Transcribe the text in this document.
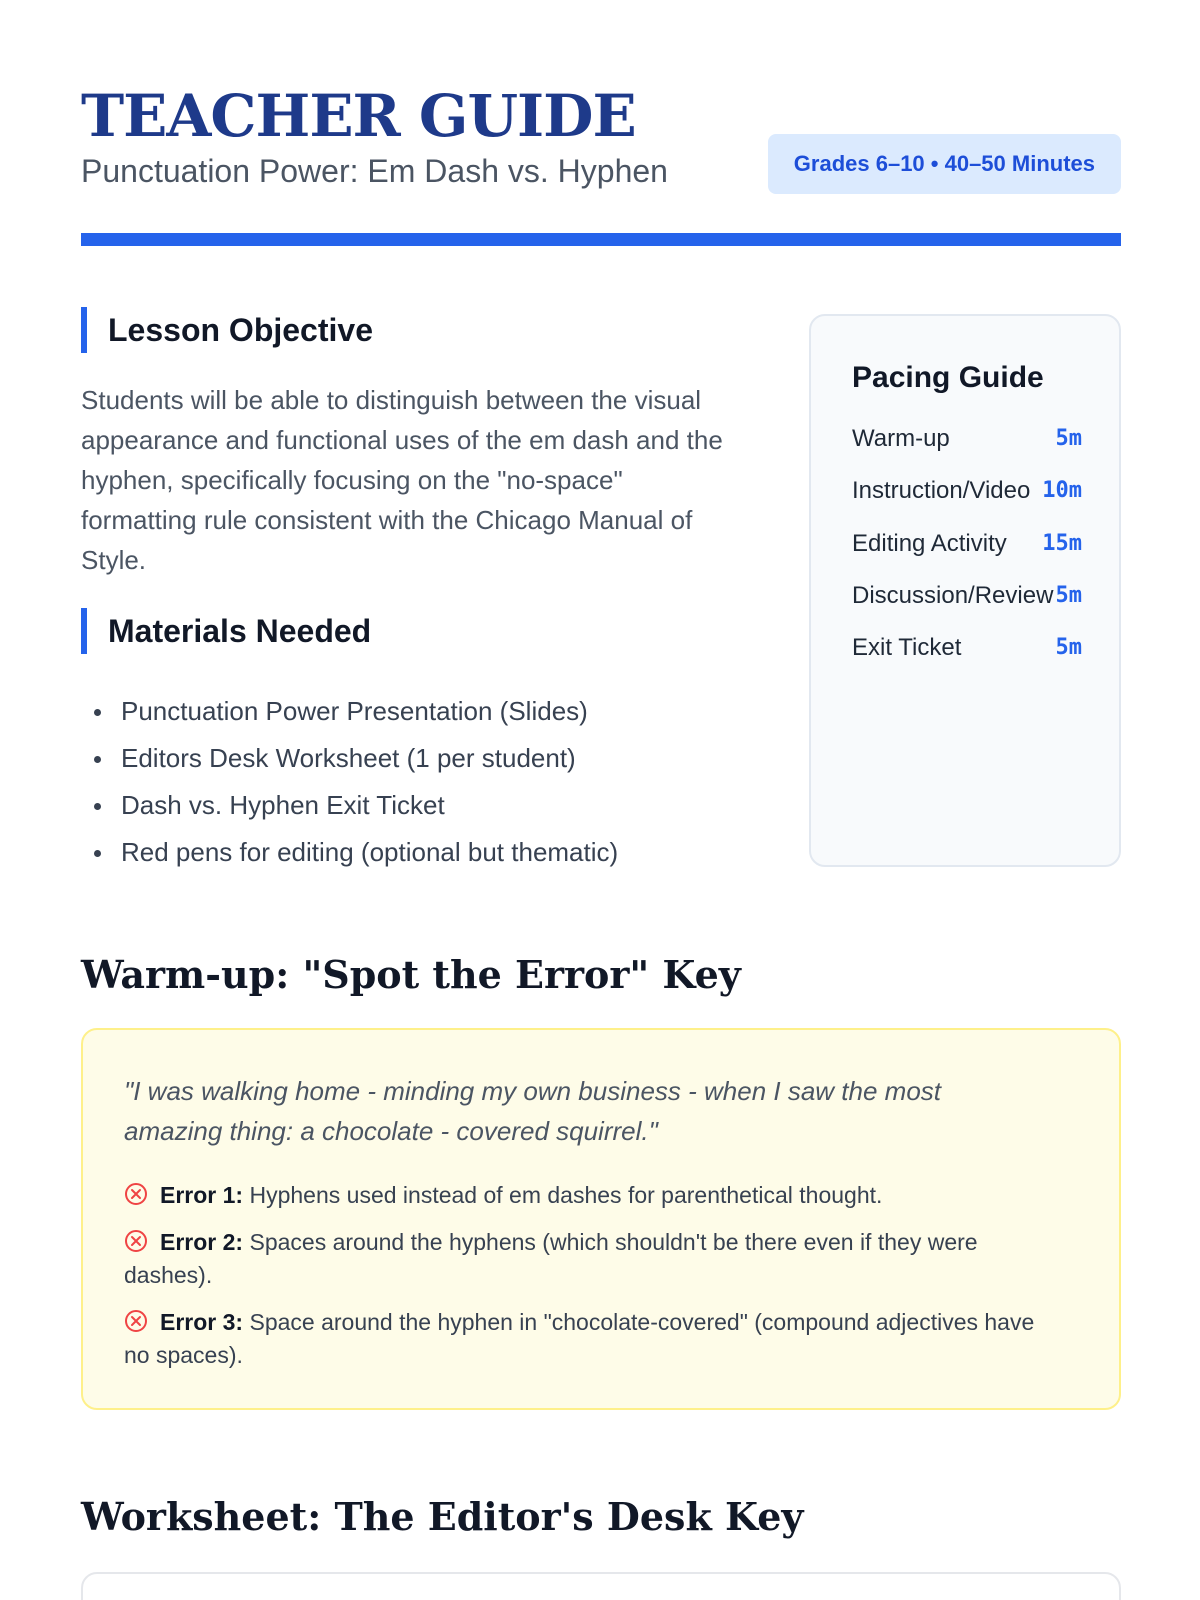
TEACHER GUIDE
Punctuation Power: Em Dash vs. Hyphen	Grades 6–10 • 40–50 Minutes
Lesson Objective

Students will be able to distinguish between the visual appearance and functional uses of the em dash and the hyphen, specifically focusing on the "no-space" formatting rule consistent with the Chicago Manual of Style.

Materials Needed
Punctuation Power Presentation (Slides)
Editors Desk Worksheet (1 per student)
Dash vs. Hyphen Exit Ticket
Red pens for editing (optional but thematic)
Pacing Guide
Warm-up	5m
Instruction/Video 10m
Editing Activity 15m
Discussion/Review 5m
Exit Ticket	5m
Warm-up: "Spot the Error" Key

"I was walking home - minding my own business - when I saw the most amazing thing: a chocolate - covered squirrel."

Error 1: Hyphens used instead of em dashes for parenthetical thought.
Error 2: Spaces around the hyphens (which shouldn't be there even if they were dashes).
Error 3: Space around the hyphen in "chocolate-covered" (compound adjectives have no spaces).
Worksheet: The Editor's Desk Key
